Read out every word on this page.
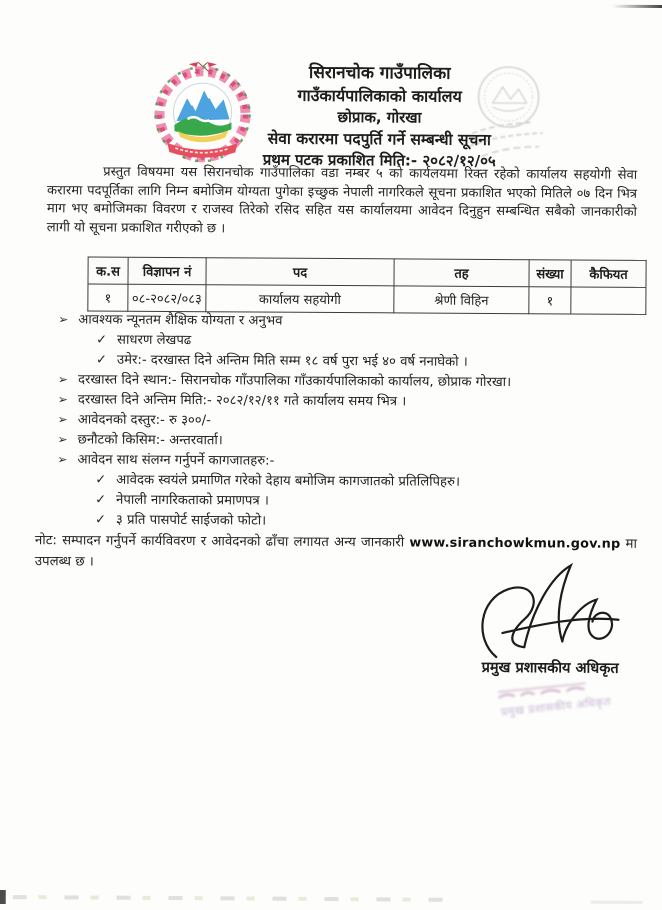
सिरानचोक गाउँपालिका
गाउँकार्यपालिकाको कार्यालय
छोप्राक, गोरखा
सेवा करारमा पदपुर्ति गर्ने सम्बन्धी सूचना
प्रथम पटक प्रकाशित मिति:- २०८२/१२/०५
प्रस्तुत विषयमा यस सिरानचोक गाउँपालिका वडा नम्बर ५ को कार्यलयमा रिक्त रहेको कार्यालय सहयोगी सेवा करारमा पदपूर्तिका लागि निम्न बमोजिम योग्यता पुगेका इच्छुक नेपाली नागरिकले सूचना प्रकाशित भएको मितिले ०७ दिन भित्र माग भए बमोजिमका विवरण र राजस्व तिरेको रसिद सहित यस कार्यालयमा आवेदन दिनुहुन सम्बन्धित सबैको जानकारीको लागी यो सूचना प्रकाशित गरीएको छ ।
क.स	विज्ञापन नं	पद	तह	संख्या	कैफियत
१	०८-२०८२/०८३	कार्यालय सहयोगी	श्रेणी विहिन	१	
➢ आवश्यक न्यूनतम शैक्षिक योग्यता र अनुभव
✓ साधरण लेखपढ
✓ उमेर:- दरखास्त दिने अन्तिम मिति सम्म १८ वर्ष पुरा भई ४० वर्ष ननाघेको ।
➢ दरखास्त दिने स्थान:- सिरानचोक गाँउपालिका गाँउकार्यपालिकाको कार्यालय, छोप्राक गोरखा।
➢ दरखास्त दिने अन्तिम मिति:- २०८२/१२/११ गते कार्यालय समय भित्र ।
➢ आवेदनको दस्तुर:- रु ३००/-
➢ छनौटको किसिम:- अन्तरवार्ता।
➢ आवेदन साथ संलग्न गर्नुपर्ने कागजातहरु:-
✓ आवेदक स्वयंले प्रमाणित गरेको देहाय बमोजिम कागजातको प्रतिलिपिहरु।
✓ नेपाली नागरिकताको प्रमाणपत्र ।
✓ ३ प्रति पासपोर्ट साईजको फोटो।
नोट: सम्पादन गर्नुपर्ने कार्यविवरण र आवेदनको ढाँचा लगायत अन्य जानकारी www.siranchowkmun.gov.np मा उपलब्ध छ ।
प्रमुख प्रशासकीय अधिकृत
प्रमुख प्रशासकीय अधिकृत
